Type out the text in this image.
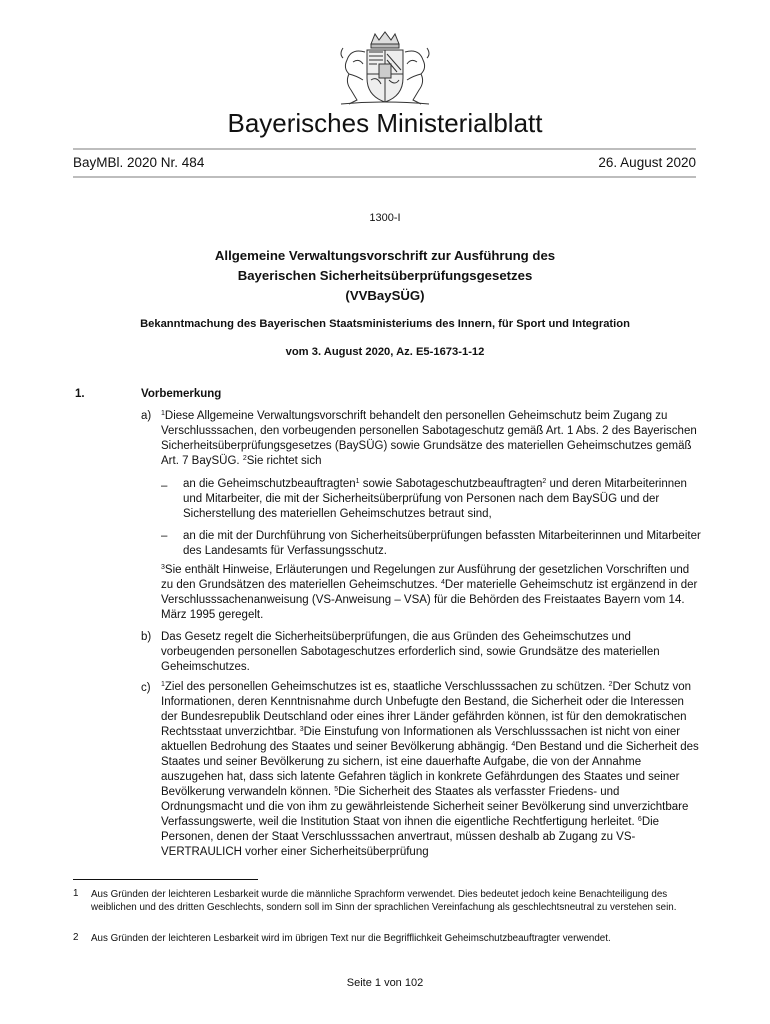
Bayerisches Ministerialblatt
BayMBl. 2020 Nr. 484	26. August 2020
1300-I
Allgemeine Verwaltungsvorschrift zur Ausführung des
Bayerischen Sicherheitsüberprüfungsgesetzes
(VVBaySÜG)
Bekanntmachung des Bayerischen Staatsministeriums des Innern, für Sport und Integration
vom 3. August 2020, Az. E5-1673-1-12
1.	Vorbemerkung
a) $^1$Diese Allgemeine Verwaltungsvorschrift behandelt den personellen Geheimschutz beim Zugang zu Verschlusssachen, den vorbeugenden personellen Sabotageschutz gemäß Art. 1 Abs. 2 des Bayerischen Sicherheitsüberprüfungsgesetzes (BaySÜG) sowie Grundsätze des materiellen Geheimschutzes gemäß Art. 7 BaySÜG. $^2$Sie richtet sich
– an die Geheimschutzbeauftragten$^1$ sowie Sabotageschutzbeauftragten$^2$ und deren Mitarbeiterinnen und Mitarbeiter, die mit der Sicherheitsüberprüfung von Personen nach dem BaySÜG und der Sicherstellung des materiellen Geheimschutzes betraut sind,
– an die mit der Durchführung von Sicherheitsüberprüfungen befassten Mitarbeiterinnen und Mitarbeiter des Landesamts für Verfassungsschutz.
$^3$Sie enthält Hinweise, Erläuterungen und Regelungen zur Ausführung der gesetzlichen Vorschriften und zu den Grundsätzen des materiellen Geheimschutzes. $^4$Der materielle Geheimschutz ist ergänzend in der Verschlusssachenanweisung (VS-Anweisung – VSA) für die Behörden des Freistaates Bayern vom 14. März 1995 geregelt.
b) Das Gesetz regelt die Sicherheitsüberprüfungen, die aus Gründen des Geheimschutzes und vorbeugenden personellen Sabotageschutzes erforderlich sind, sowie Grundsätze des materiellen Geheimschutzes.
c) $^1$Ziel des personellen Geheimschutzes ist es, staatliche Verschlusssachen zu schützen. $^2$Der Schutz von Informationen, deren Kenntnisnahme durch Unbefugte den Bestand, die Sicherheit oder die Interessen der Bundesrepublik Deutschland oder eines ihrer Länder gefährden können, ist für den demokratischen Rechtsstaat unverzichtbar. $^3$Die Einstufung von Informationen als Verschlusssachen ist nicht von einer aktuellen Bedrohung des Staates und seiner Bevölkerung abhängig. $^4$Den Bestand und die Sicherheit des Staates und seiner Bevölkerung zu sichern, ist eine dauerhafte Aufgabe, die von der Annahme auszugehen hat, dass sich latente Gefahren täglich in konkrete Gefährdungen des Staates und seiner Bevölkerung verwandeln können. $^5$Die Sicherheit des Staates als verfasster Friedens- und Ordnungsmacht und die von ihm zu gewährleistende Sicherheit seiner Bevölkerung sind unverzichtbare Verfassungswerte, weil die Institution Staat von ihnen die eigentliche Rechtfertigung herleitet. $^6$Die Personen, denen der Staat Verschlusssachen anvertraut, müssen deshalb ab Zugang zu VS-VERTRAULICH vorher einer Sicherheitsüberprüfung
1 Aus Gründen der leichteren Lesbarkeit wurde die männliche Sprachform verwendet. Dies bedeutet jedoch keine Benachteiligung des weiblichen und des dritten Geschlechts, sondern soll im Sinn der sprachlichen Vereinfachung als geschlechtsneutral zu verstehen sein.
2 Aus Gründen der leichteren Lesbarkeit wird im übrigen Text nur die Begrifflichkeit Geheimschutzbeauftragter verwendet.
Seite 1 von 102
